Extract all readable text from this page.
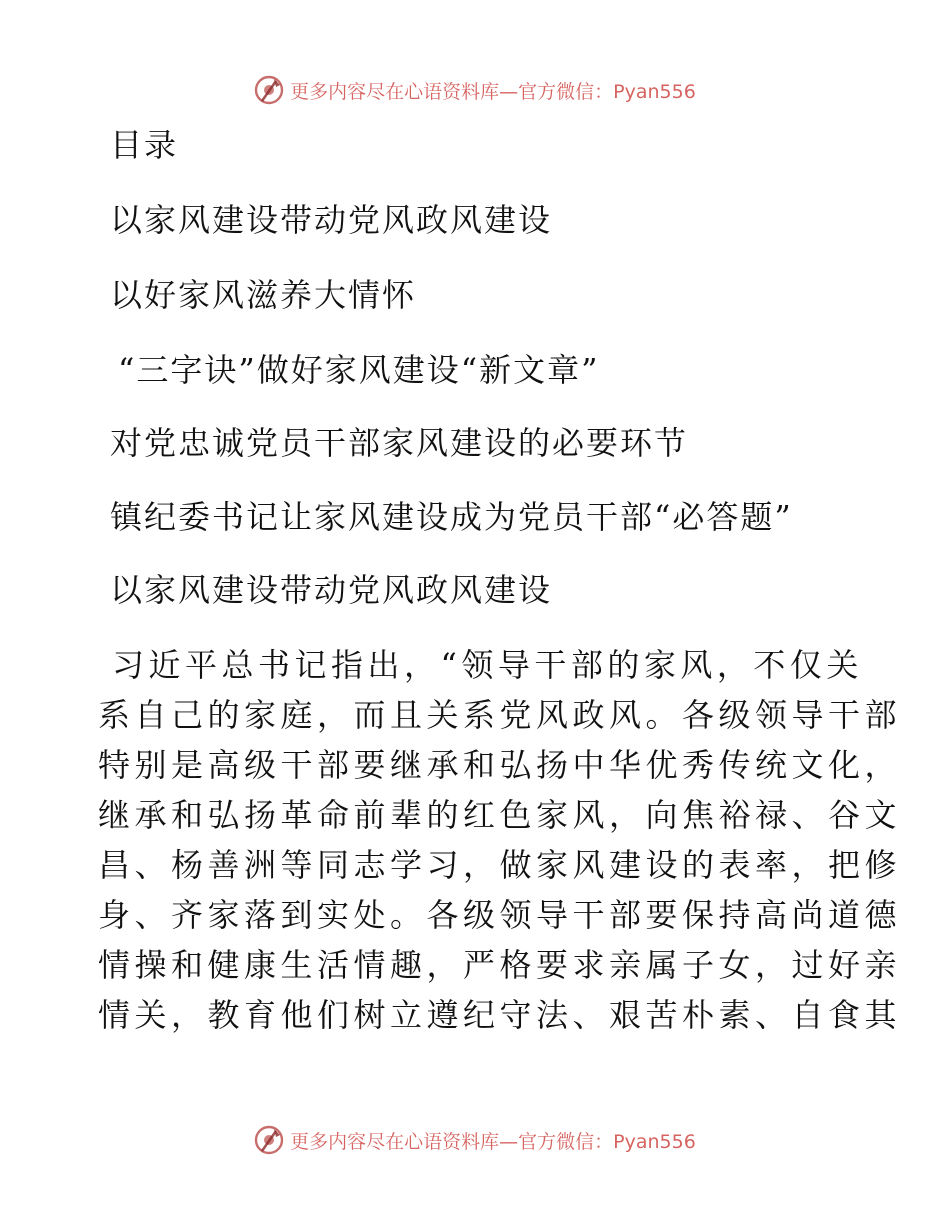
更多内容尽在心语资料库—官方微信：Pyan556
目录
以家风建设带动党风政风建设
以好家风滋养大情怀
“三字诀”做好家风建设“新文章”
对党忠诚党员干部家风建设的必要环节
镇纪委书记让家风建设成为党员干部“必答题”
以家风建设带动党风政风建设
习近平总书记指出，“领导干部的家风，不仅关
系自己的家庭，而且关系党风政风。各级领导干部
特别是高级干部要继承和弘扬中华优秀传统文化，
继承和弘扬革命前辈的红色家风，向焦裕禄、谷文
昌、杨善洲等同志学习，做家风建设的表率，把修
身、齐家落到实处。各级领导干部要保持高尚道德
情操和健康生活情趣，严格要求亲属子女，过好亲
情关，教育他们树立遵纪守法、艰苦朴素、自食其
更多内容尽在心语资料库—官方微信：Pyan556
